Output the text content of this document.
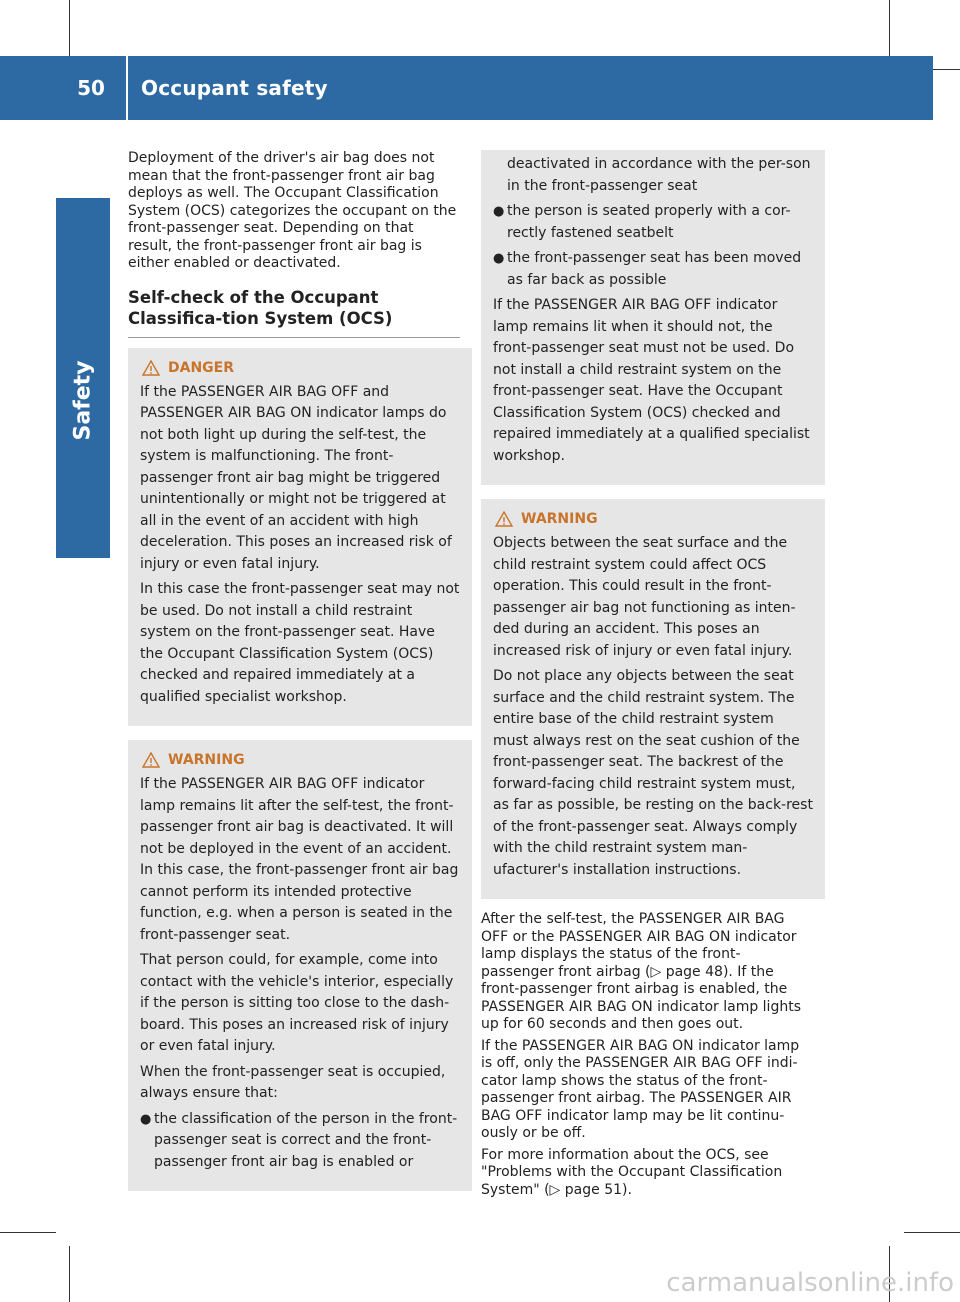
50	Occupant safety
Safety

Deployment of the driver's air bag does not mean that the front-passenger front air bag deploys as well. The Occupant Classification System (OCS) categorizes the occupant on the front-passenger seat. Depending on that result, the front-passenger front air bag is either enabled or deactivated.

Self-check of the Occupant Classifica-tion System (OCS)
DANGER

If the PASSENGER AIR BAG OFF and PASSENGER AIR BAG ON indicator lamps do not both light up during the self-test, the system is malfunctioning. The front-passenger front air bag might be triggered unintentionally or might not be triggered at all in the event of an accident with high deceleration. This poses an increased risk of injury or even fatal injury.

In this case the front-passenger seat may not be used. Do not install a child restraint system on the front-passenger seat. Have the Occupant Classification System (OCS) checked and repaired immediately at a qualified specialist workshop.

WARNING

If the PASSENGER AIR BAG OFF indicator lamp remains lit after the self-test, the front-passenger front air bag is deactivated. It will not be deployed in the event of an accident. In this case, the front-passenger front air bag cannot perform its intended protective function, e.g. when a person is seated in the front-passenger seat.

That person could, for example, come into contact with the vehicle's interior, especially if the person is sitting too close to the dash-board. This poses an increased risk of injury or even fatal injury.

When the front-passenger seat is occupied, always ensure that:

● the classification of the person in the front-passenger seat is correct and the front-passenger front air bag is enabled or
deactivated in accordance with the per-son in the front-passenger seat
● the person is seated properly with a cor-rectly fastened seatbelt
● the front-passenger seat has been moved as far back as possible

If the PASSENGER AIR BAG OFF indicator lamp remains lit when it should not, the front-passenger seat must not be used. Do not install a child restraint system on the front-passenger seat. Have the Occupant Classification System (OCS) checked and repaired immediately at a qualified specialist workshop.

WARNING

Objects between the seat surface and the child restraint system could affect OCS operation. This could result in the front-passenger air bag not functioning as inten-ded during an accident. This poses an increased risk of injury or even fatal injury.

Do not place any objects between the seat surface and the child restraint system. The entire base of the child restraint system must always rest on the seat cushion of the front-passenger seat. The backrest of the forward-facing child restraint system must, as far as possible, be resting on the back-rest of the front-passenger seat. Always comply with the child restraint system man-ufacturer's installation instructions.

After the self-test, the PASSENGER AIR BAG OFF or the PASSENGER AIR BAG ON indicator lamp displays the status of the front-passenger front airbag (▷ page 48). If the front-passenger front airbag is enabled, the PASSENGER AIR BAG ON indicator lamp lights up for 60 seconds and then goes out.

If the PASSENGER AIR BAG ON indicator lamp is off, only the PASSENGER AIR BAG OFF indi-cator lamp shows the status of the front-passenger front airbag. The PASSENGER AIR BAG OFF indicator lamp may be lit continu-ously or be off.

For more information about the OCS, see "Problems with the Occupant Classification System" (▷ page 51).

carmanualsonline.info
